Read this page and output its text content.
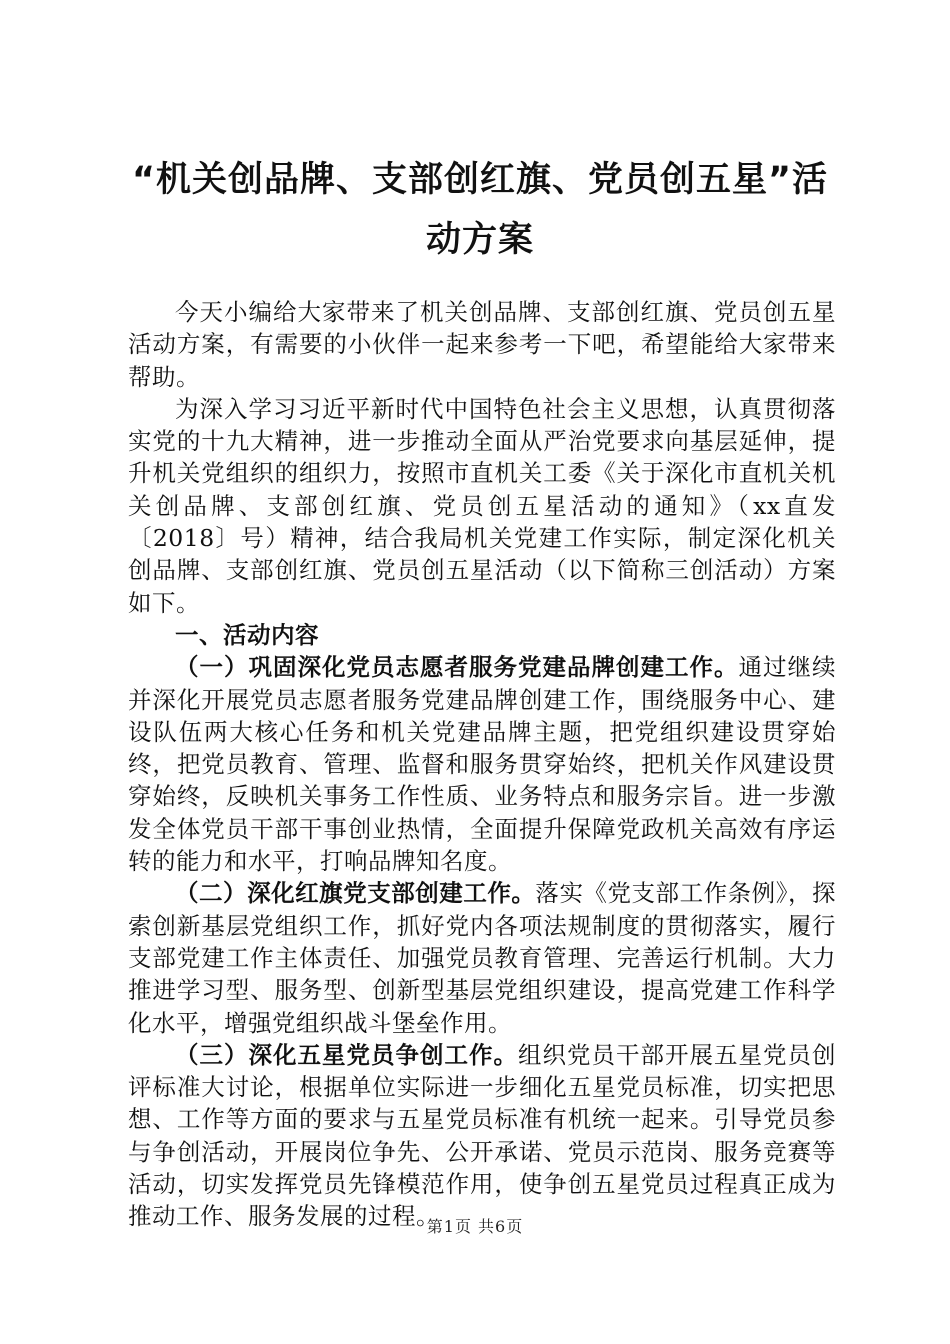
“机关创品牌、支部创红旗、党员创五星”活动方案

今天小编给大家带来了机关创品牌、支部创红旗、党员创五星活动方案，有需要的小伙伴一起来参考一下吧，希望能给大家带来帮助。

为深入学习习近平新时代中国特色社会主义思想，认真贯彻落实党的十九大精神，进一步推动全面从严治党要求向基层延伸，提升机关党组织的组织力，按照市直机关工委《关于深化市直机关机关创品牌、支部创红旗、党员创五星活动的通知》（xx直发〔2018〕号）精神，结合我局机关党建工作实际，制定深化机关创品牌、支部创红旗、党员创五星活动（以下简称三创活动）方案如下。

一、活动内容

（一）巩固深化党员志愿者服务党建品牌创建工作。通过继续并深化开展党员志愿者服务党建品牌创建工作，围绕服务中心、建设队伍两大核心任务和机关党建品牌主题，把党组织建设贯穿始终，把党员教育、管理、监督和服务贯穿始终，把机关作风建设贯穿始终，反映机关事务工作性质、业务特点和服务宗旨。进一步激发全体党员干部干事创业热情，全面提升保障党政机关高效有序运转的能力和水平，打响品牌知名度。

（二）深化红旗党支部创建工作。落实《党支部工作条例》，探索创新基层党组织工作，抓好党内各项法规制度的贯彻落实，履行支部党建工作主体责任、加强党员教育管理、完善运行机制。大力推进学习型、服务型、创新型基层党组织建设，提高党建工作科学化水平，增强党组织战斗堡垒作用。

（三）深化五星党员争创工作。组织党员干部开展五星党员创评标准大讨论，根据单位实际进一步细化五星党员标准，切实把思想、工作等方面的要求与五星党员标准有机统一起来。引导党员参与争创活动，开展岗位争先、公开承诺、党员示范岗、服务竞赛等活动，切实发挥党员先锋模范作用，使争创五星党员过程真正成为推动工作、服务发展的过程。

第1页 共6页
